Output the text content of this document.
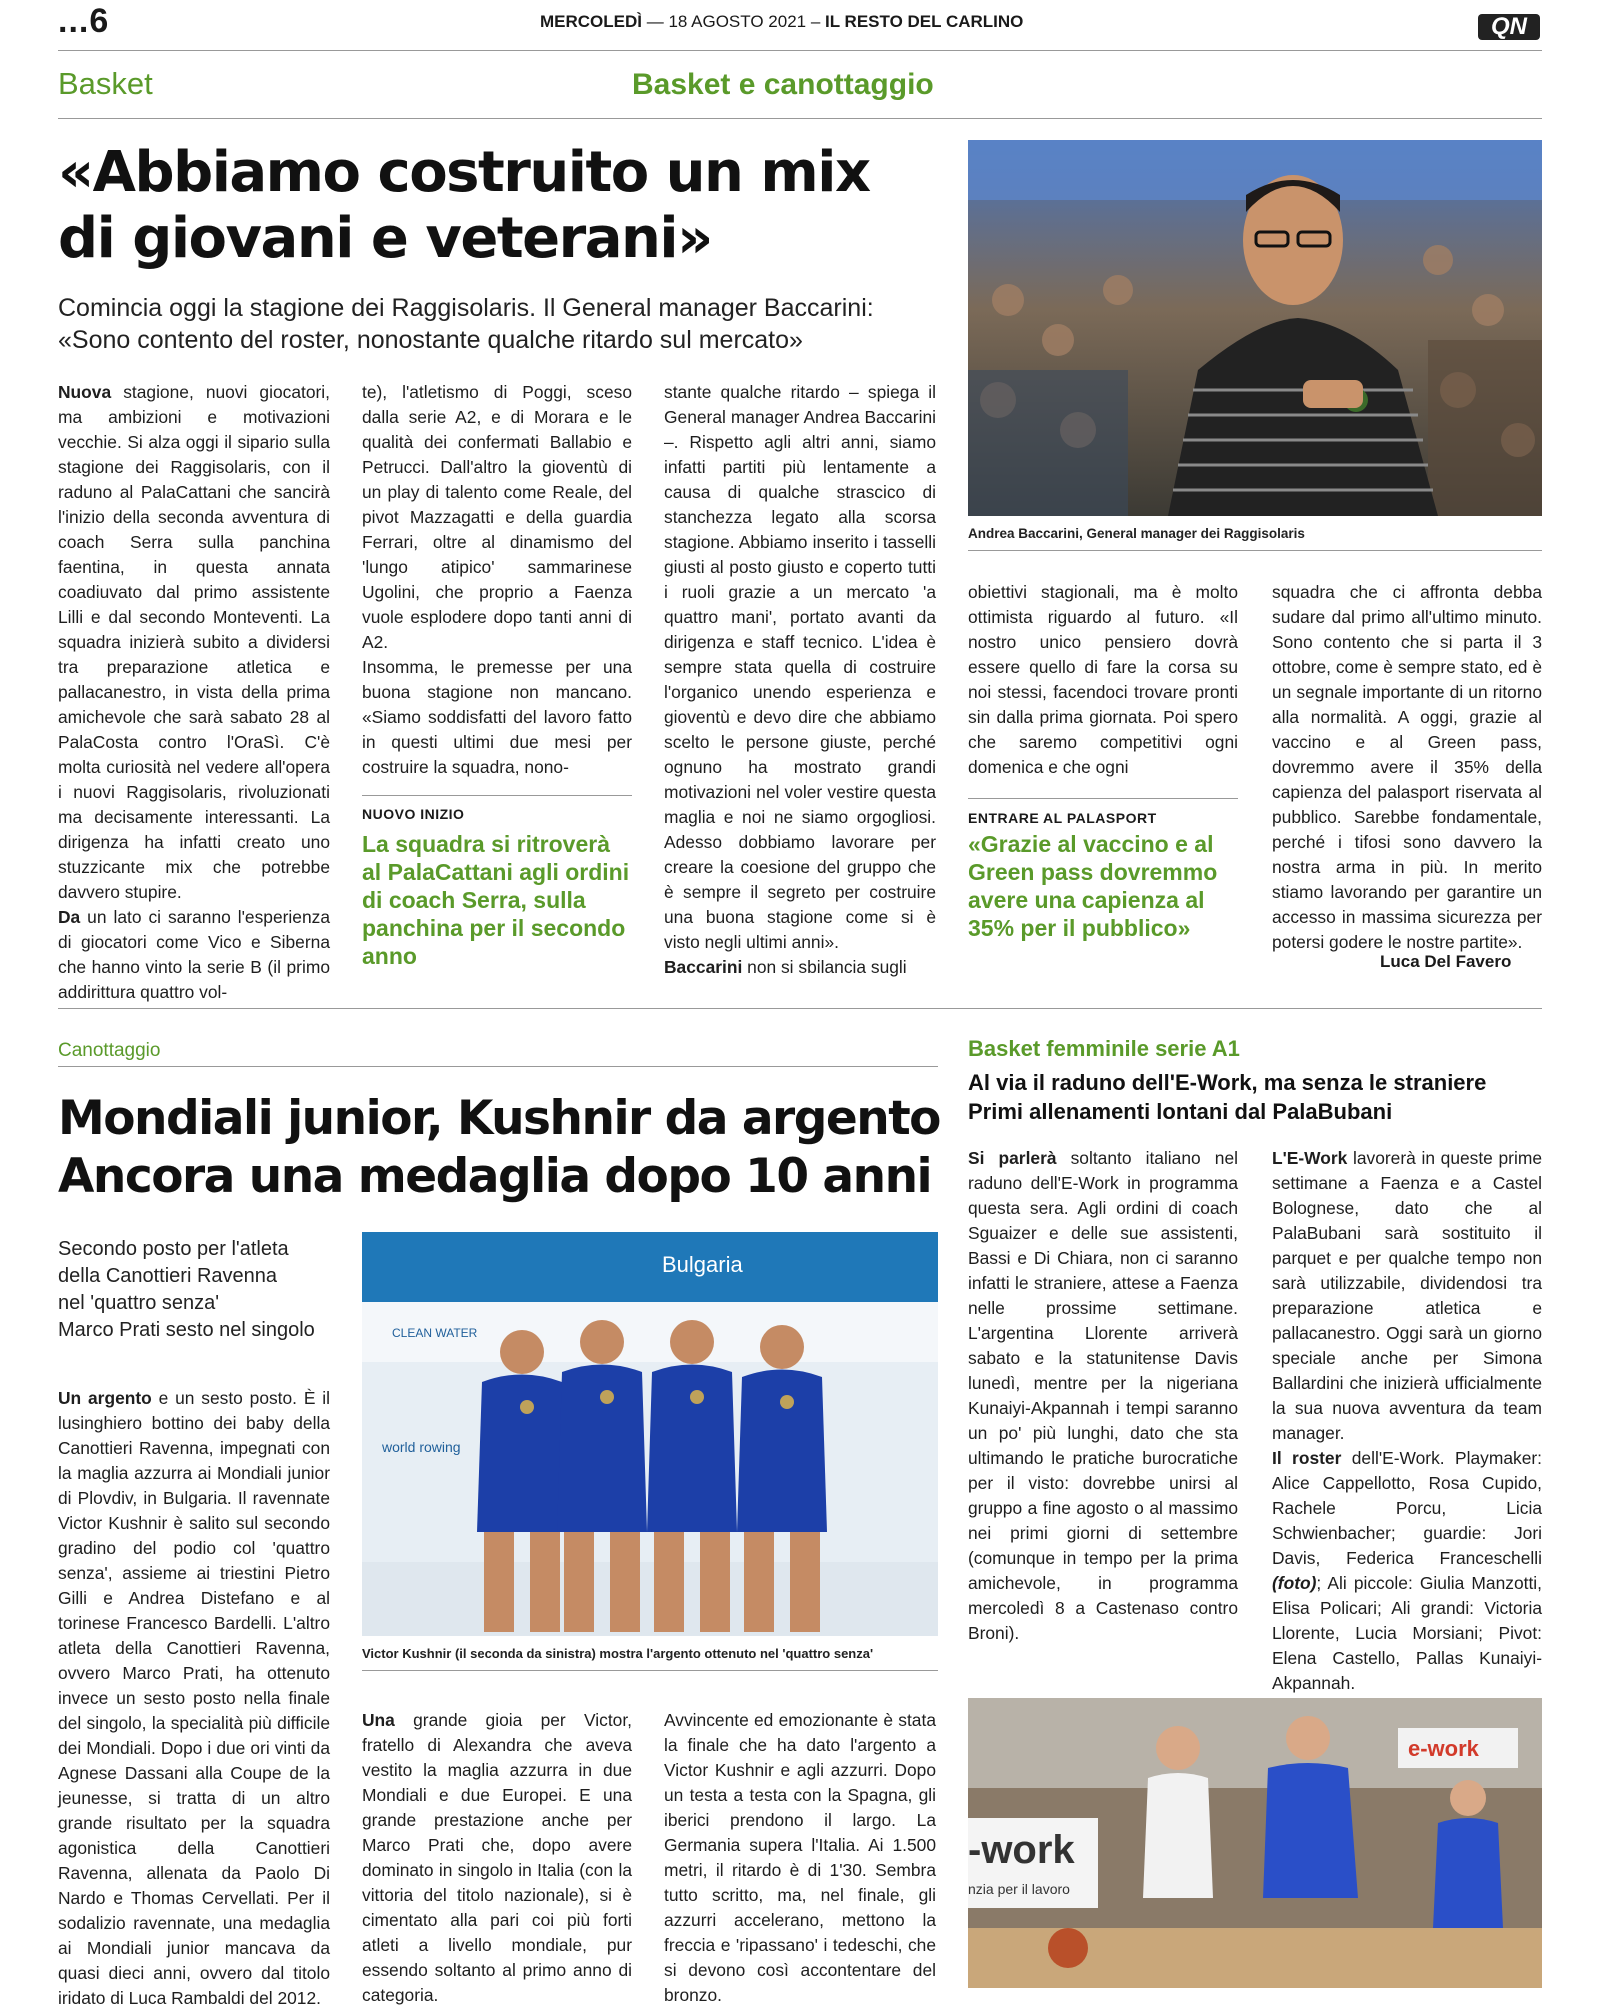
...6	MERCOLEDÌ — 18 AGOSTO 2021 – IL RESTO DEL CARLINO	QN
Basket	Basket e canottaggio
«Abbiamo costruito un mix
di giovani e veterani»
Comincia oggi la stagione dei Raggisolaris. Il General manager Baccarini:
«Sono contento del roster, nonostante qualche ritardo sul mercato»

Nuova stagione, nuovi giocatori, ma ambizioni e motivazioni vecchie. Si alza oggi il sipario sulla stagione dei Raggisolaris, con il raduno al PalaCattani che sancirà l'inizio della seconda avventura di coach Serra sulla panchina faentina, in questa annata coadiuvato dal primo assistente Lilli e dal secondo Monteventi. La squadra inizierà subito a dividersi tra preparazione atletica e pallacanestro, in vista della prima amichevole che sarà sabato 28 al PalaCosta contro l'OraSì. C'è molta curiosità nel vedere all'opera i nuovi Raggisolaris, rivoluzionati ma decisamente interessanti. La dirigenza ha infatti creato uno stuzzicante mix che potrebbe davvero stupire.

Da un lato ci saranno l'esperienza di giocatori come Vico e Siberna che hanno vinto la serie B (il primo addirittura quattro vol-

te), l'atletismo di Poggi, sceso dalla serie A2, e di Morara e le qualità dei confermati Ballabio e Petrucci. Dall'altro la gioventù di un play di talento come Reale, del pivot Mazzagatti e della guardia Ferrari, oltre al dinamismo del 'lungo atipico' sammarinese Ugolini, che proprio a Faenza vuole esplodere dopo tanti anni di A2.

Insomma, le premesse per una buona stagione non mancano. «Siamo soddisfatti del lavoro fatto in questi ultimi due mesi per costruire la squadra, nono-

NUOVO INIZIO
La squadra si ritroverà al PalaCattani agli ordini di coach Serra, sulla panchina per il secondo anno

stante qualche ritardo – spiega il General manager Andrea Baccarini –. Rispetto agli altri anni, siamo infatti partiti più lentamente a causa di qualche strascico di stanchezza legato alla scorsa stagione. Abbiamo inserito i tasselli giusti al posto giusto e coperto tutti i ruoli grazie a un mercato 'a quattro mani', portato avanti da dirigenza e staff tecnico. L'idea è sempre stata quella di costruire l'organico unendo esperienza e gioventù e devo dire che abbiamo scelto le persone giuste, perché ognuno ha mostrato grandi motivazioni nel voler vestire questa maglia e noi ne siamo orgogliosi. Adesso dobbiamo lavorare per creare la coesione del gruppo che è sempre il segreto per costruire una buona stagione come si è visto negli ultimi anni».

Baccarini non si sbilancia sugli

Andrea Baccarini, General manager dei Raggisolaris

obiettivi stagionali, ma è molto ottimista riguardo al futuro. «Il nostro unico pensiero dovrà essere quello di fare la corsa su noi stessi, facendoci trovare pronti sin dalla prima giornata. Poi spero che saremo competitivi ogni domenica e che ogni

ENTRARE AL PALASPORT
«Grazie al vaccino e al Green pass dovremmo avere una capienza al 35% per il pubblico»

squadra che ci affronta debba sudare dal primo all'ultimo minuto. Sono contento che si parta il 3 ottobre, come è sempre stato, ed è un segnale importante di un ritorno alla normalità. A oggi, grazie al vaccino e al Green pass, dovremmo avere il 35% della capienza del palasport riservata al pubblico. Sarebbe fondamentale, perché i tifosi sono davvero la nostra arma in più. In merito stiamo lavorando per garantire un accesso in massima sicurezza per potersi godere le nostre partite».

Luca Del Favero
Canottaggio
Mondiali junior, Kushnir da argento
Ancora una medaglia dopo 10 anni
Secondo posto per l'atleta
della Canottieri Ravenna
nel 'quattro senza'
Marco Prati sesto nel singolo

Un argento e un sesto posto. È il lusinghiero bottino dei baby della Canottieri Ravenna, impegnati con la maglia azzurra ai Mondiali junior di Plovdiv, in Bulgaria. Il ravennate Victor Kushnir è salito sul secondo gradino del podio col 'quattro senza', assieme ai triestini Pietro Gilli e Andrea Distefano e al torinese Francesco Bardelli. L'altro atleta della Canottieri Ravenna, ovvero Marco Prati, ha ottenuto invece un sesto posto nella finale del singolo, la specialità più difficile dei Mondiali. Dopo i due ori vinti da Agnese Dassani alla Coupe de la jeunesse, si tratta di un altro grande risultato per la squadra agonistica della Canottieri Ravenna, allenata da Paolo Di Nardo e Thomas Cervellati. Per il sodalizio ravennate, una medaglia ai Mondiali junior mancava da quasi dieci anni, ovvero dal titolo iridato di Luca Rambaldi del 2012.

Bulgaria
CLEAN WATER
world rowing
Victor Kushnir (il seconda da sinistra) mostra l'argento ottenuto nel 'quattro senza'

Una grande gioia per Victor, fratello di Alexandra che aveva vestito la maglia azzurra in due Mondiali e due Europei. E una grande prestazione anche per Marco Prati che, dopo avere dominato in singolo in Italia (con la vittoria del titolo nazionale), si è cimentato alla pari coi più forti atleti a livello mondiale, pur essendo soltanto al primo anno di categoria.

Avvincente ed emozionante è stata la finale che ha dato l'argento a Victor Kushnir e agli azzurri. Dopo un testa a testa con la Spagna, gli iberici prendono il largo. La Germania supera l'Italia. Ai 1.500 metri, il ritardo è di 1'30. Sembra tutto scritto, ma, nel finale, gli azzurri accelerano, mettono la freccia e 'ripassano' i tedeschi, che si devono così accontentare del bronzo.

Basket femminile serie A1
Al via il raduno dell'E-Work, ma senza le straniere
Primi allenamenti lontani dal PalaBubani

Si parlerà soltanto italiano nel raduno dell'E-Work in programma questa sera. Agli ordini di coach Sguaizer e delle sue assistenti, Bassi e Di Chiara, non ci saranno infatti le straniere, attese a Faenza nelle prossime settimane. L'argentina Llorente arriverà sabato e la statunitense Davis lunedì, mentre per la nigeriana Kunaiyi-Akpannah i tempi saranno un po' più lunghi, dato che sta ultimando le pratiche burocratiche per il visto: dovrebbe unirsi al gruppo a fine agosto o al massimo nei primi giorni di settembre (comunque in tempo per la prima amichevole, in programma mercoledì 8 a Castenaso contro Broni).

L'E-Work lavorerà in queste prime settimane a Faenza e a Castel Bolognese, dato che al PalaBubani sarà sostituito il parquet e per qualche tempo non sarà utilizzabile, dividendosi tra preparazione atletica e pallacanestro. Oggi sarà un giorno speciale anche per Simona Ballardini che inizierà ufficialmente la sua nuova avventura da team manager.

Il roster dell'E-Work. Playmaker: Alice Cappellotto, Rosa Cupido, Rachele Porcu, Licia Schwienbacher; guardie: Jori Davis, Federica Franceschelli (foto); Ali piccole: Giulia Manzotti, Elisa Policari; Ali grandi: Victoria Llorente, Lucia Morsiani; Pivot: Elena Castello, Pallas Kunaiyi-Akpannah.

e-work
-work
nzia per il lavoro
